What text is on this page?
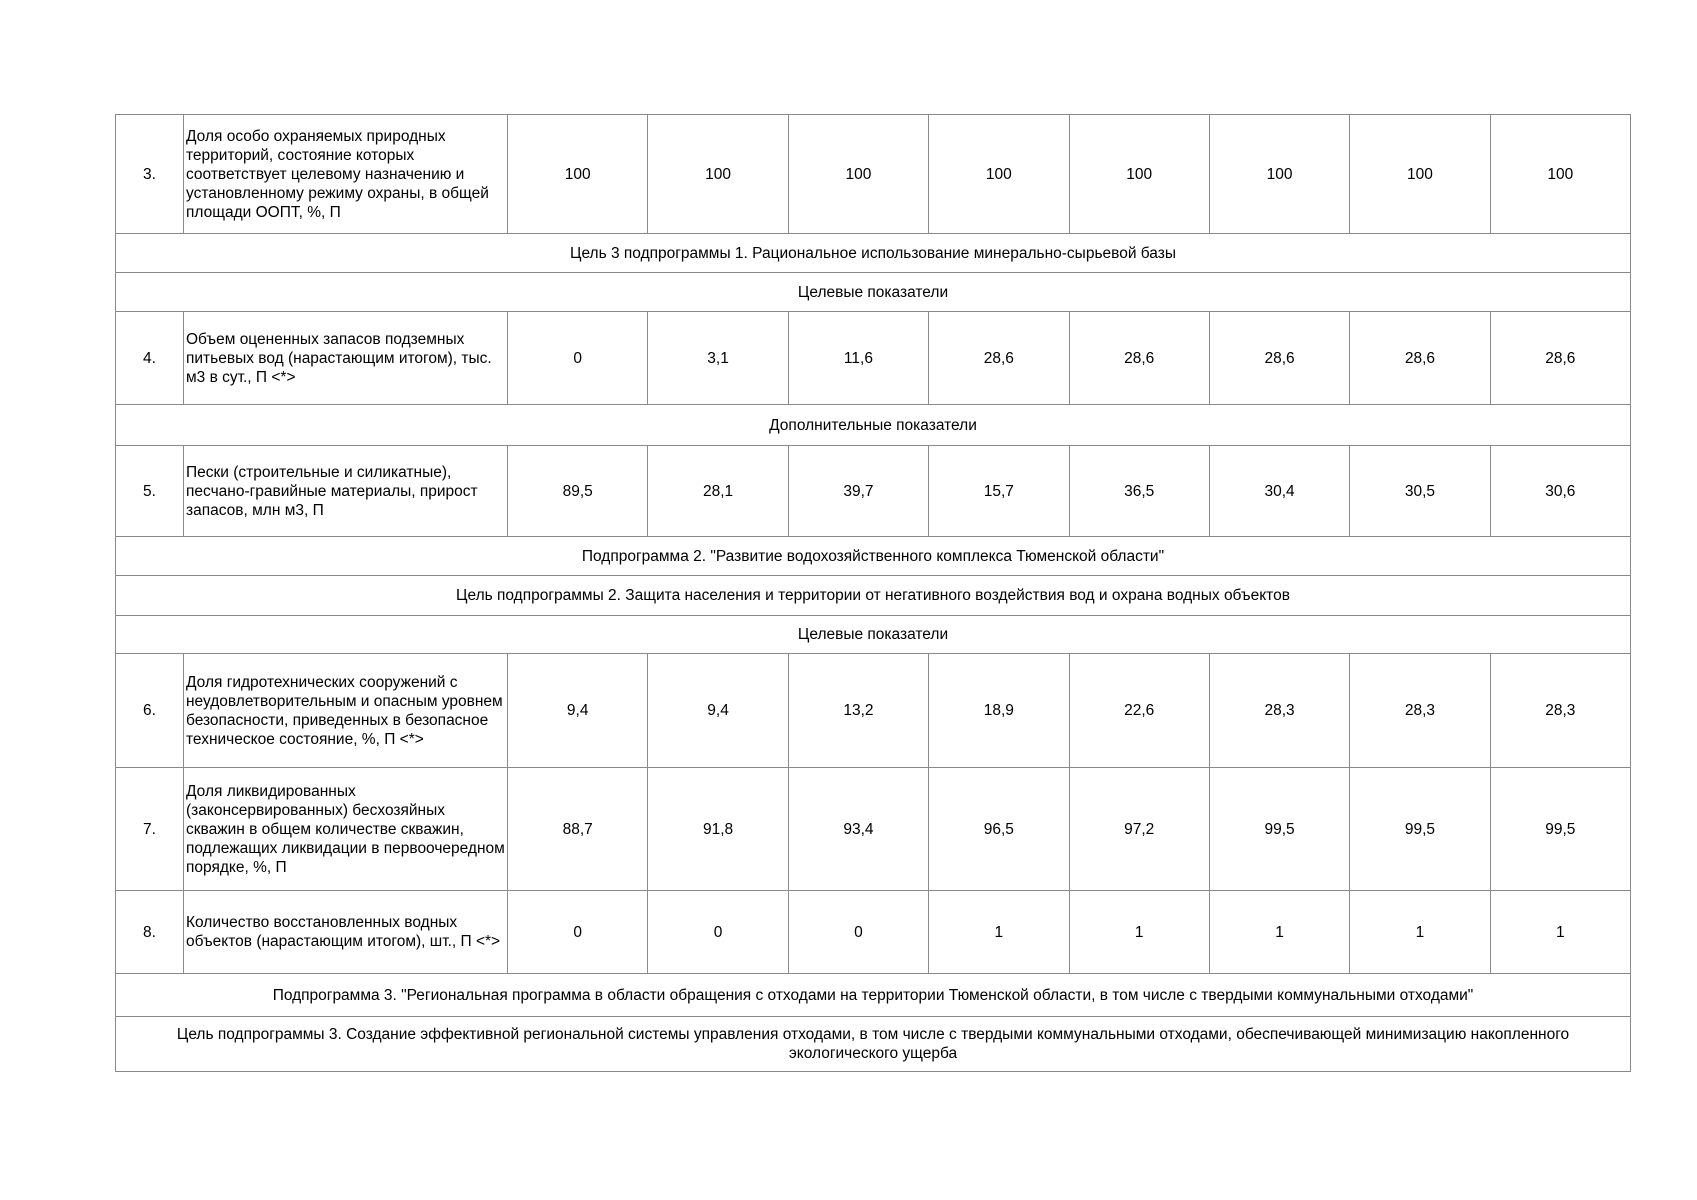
3.	Доля особо охраняемых природных территорий, состояние которых соответствует целевому назначению и установленному режиму охраны, в общей площади ООПТ, %, П	100	100	100	100	100	100	100	100
Цель 3 подпрограммы 1. Рациональное использование минерально-сырьевой базы									
Целевые показатели									
4.	Объем оцененных запасов подземных питьевых вод (нарастающим итогом), тыс. м3 в сут., П <*>	0	3,1	11,6	28,6	28,6	28,6	28,6	28,6
Дополнительные показатели									
5.	Пески (строительные и силикатные), песчано-гравийные материалы, прирост запасов, млн м3, П	89,5	28,1	39,7	15,7	36,5	30,4	30,5	30,6
Подпрограмма 2. "Развитие водохозяйственного комплекса Тюменской области"									
Цель подпрограммы 2. Защита населения и территории от негативного воздействия вод и охрана водных объектов									
Целевые показатели									
6.	Доля гидротехнических сооружений с неудовлетворительным и опасным уровнем безопасности, приведенных в безопасное техническое состояние, %, П <*>	9,4	9,4	13,2	18,9	22,6	28,3	28,3	28,3
7.	Доля ликвидированных (законсервированных) бесхозяйных скважин в общем количестве скважин, подлежащих ликвидации в первоочередном порядке, %, П	88,7	91,8	93,4	96,5	97,2	99,5	99,5	99,5
8.	Количество восстановленных водных объектов (нарастающим итогом), шт., П <*>	0	0	0	1	1	1	1	1
Подпрограмма 3. "Региональная программа в области обращения с отходами на территории Тюменской области, в том числе с твердыми коммунальными отходами"									
Цель подпрограммы 3. Создание эффективной региональной системы управления отходами, в том числе с твердыми коммунальными отходами, обеспечивающей минимизацию накопленного экологического ущерба									
